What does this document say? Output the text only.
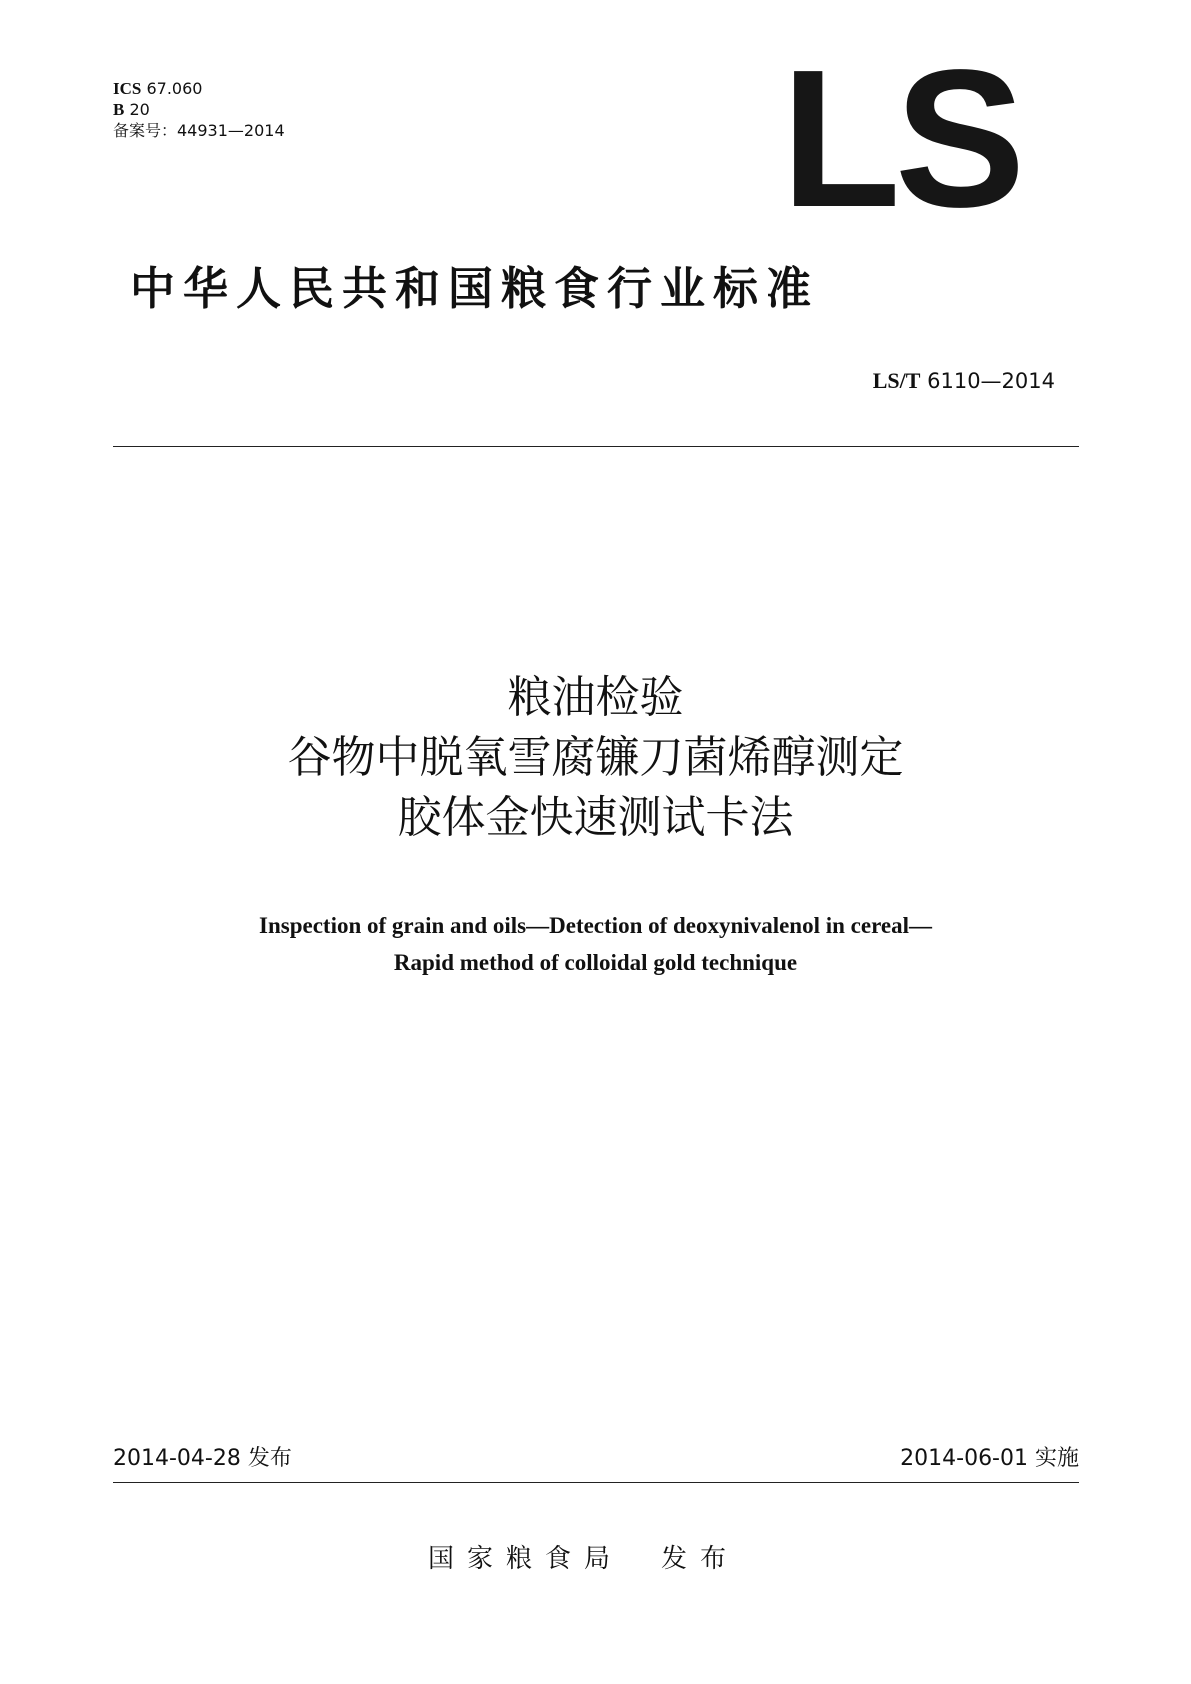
ICS 67.060
B 20
备案号：44931—2014	LS
中华人民共和国粮食行业标准
LS/T 6110—2014
粮油检验
谷物中脱氧雪腐镰刀菌烯醇测定
胶体金快速测试卡法
Inspection of grain and oils—Detection of deoxynivalenol in cereal—
Rapid method of colloidal gold technique
2014-04-28 发布	2014-06-01 实施
国家粮食局 发布
